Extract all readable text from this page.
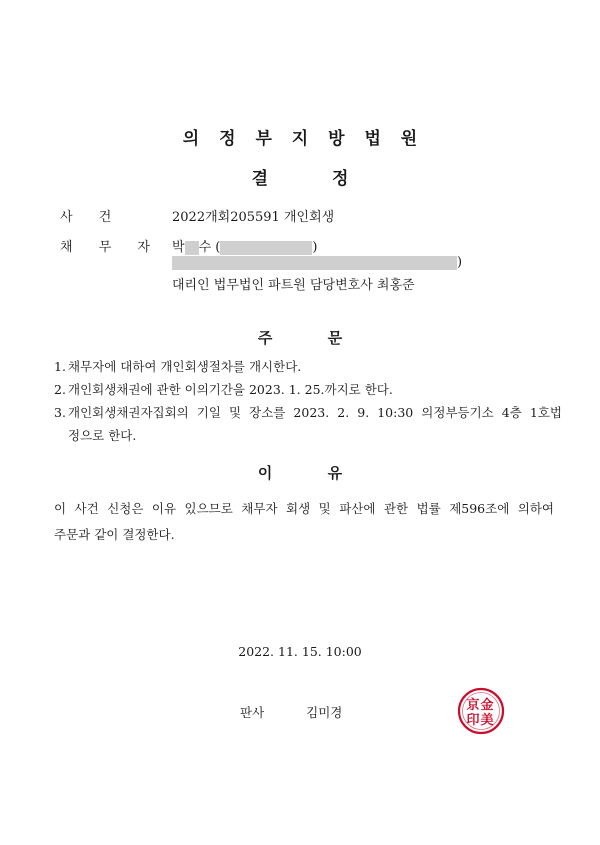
의 정 부 지 방 법 원
결 정
사 건	2022개회205591 개인회생
채 무 자 박 수 (	)
)
대리인 법무법인 파트원 담당변호사 최홍준
주 문
1. 채무자에 대하여 개인회생절차를 개시한다.
2. 개인회생채권에 관한 이의기간을 2023. 1. 25.까지로 한다.
3. 개인회생채권자집회의 기일 및 장소를 2023. 2. 9. 10:30 의정부등기소 4층 1호법
정으로 한다.
이 유
이 사건 신청은 이유 있으므로 채무자 회생 및 파산에 관한 법률 제596조에 의하여
주문과 같이 결정한다.
2022. 11. 15. 10:00
판사	김미경	金
美
京
印
